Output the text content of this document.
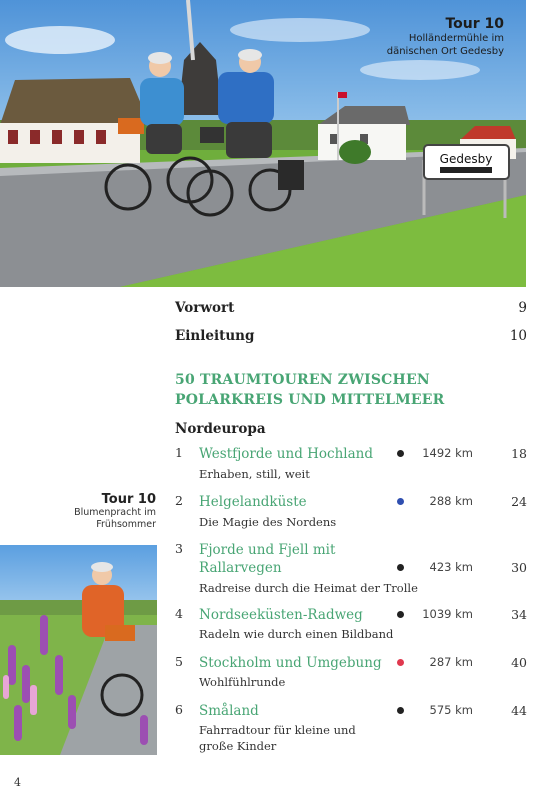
Gedesby
Tour 10
Holländermühle im
dänischen Ort Gedesby
Tour 10
Blumenpracht im
Frühsommer
4
Vorwort	9
Einleitung	10
50 TRAUMTOUREN ZWISCHEN
POLARKREIS UND MITTELMEER
Nordeuropa
1 Westfjorde und Hochland
Erhaben, still, weit
1492 km	18
2 Helgelandküste
Die Magie des Nordens
288 km	24
3 Fjorde und Fjell mit
Rallarvegen
Radreise durch die Heimat der Trolle
423 km	30
4 Nordseeküsten-Radweg
Radeln wie durch einen Bildband
1039 km	34
5 Stockholm und Umgebung
Wohlfühlrunde
287 km	40
6 Småland
Fahrradtour für kleine und
große Kinder
575 km	44
